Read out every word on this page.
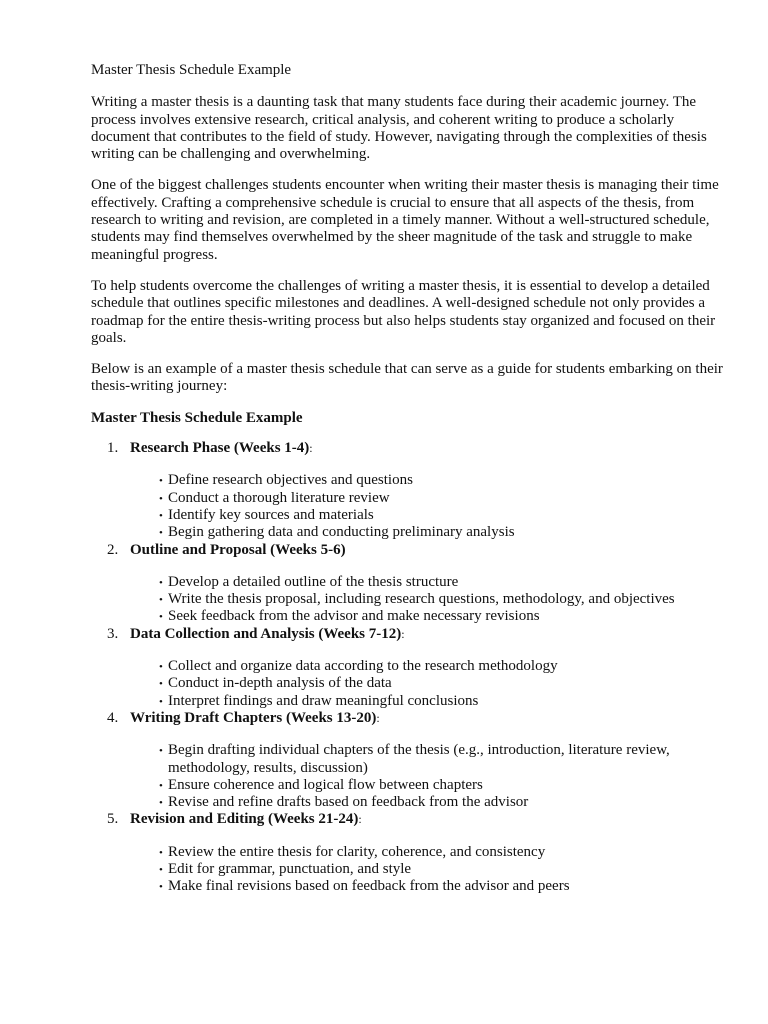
Master Thesis Schedule Example

Writing a master thesis is a daunting task that many students face during their academic journey. The process involves extensive research, critical analysis, and coherent writing to produce a scholarly document that contributes to the field of study. However, navigating through the complexities of thesis writing can be challenging and overwhelming.

One of the biggest challenges students encounter when writing their master thesis is managing their time effectively. Crafting a comprehensive schedule is crucial to ensure that all aspects of the thesis, from research to writing and revision, are completed in a timely manner. Without a well-structured schedule, students may find themselves overwhelmed by the sheer magnitude of the task and struggle to make meaningful progress.

To help students overcome the challenges of writing a master thesis, it is essential to develop a detailed schedule that outlines specific milestones and deadlines. A well-designed schedule not only provides a roadmap for the entire thesis-writing process but also helps students stay organized and focused on their goals.

Below is an example of a master thesis schedule that can serve as a guide for students embarking on their thesis-writing journey:

Master Thesis Schedule Example
1. Research Phase (Weeks 1-4):
• Define research objectives and questions
• Conduct a thorough literature review
• Identify key sources and materials
• Begin gathering data and conducting preliminary analysis
2. Outline and Proposal (Weeks 5-6)
• Develop a detailed outline of the thesis structure
• Write the thesis proposal, including research questions, methodology, and objectives
• Seek feedback from the advisor and make necessary revisions
3. Data Collection and Analysis (Weeks 7-12):
• Collect and organize data according to the research methodology
• Conduct in-depth analysis of the data
• Interpret findings and draw meaningful conclusions
4. Writing Draft Chapters (Weeks 13-20):
• Begin drafting individual chapters of the thesis (e.g., introduction, literature review, methodology, results, discussion)
• Ensure coherence and logical flow between chapters
• Revise and refine drafts based on feedback from the advisor
5. Revision and Editing (Weeks 21-24):
• Review the entire thesis for clarity, coherence, and consistency
• Edit for grammar, punctuation, and style
• Make final revisions based on feedback from the advisor and peers
